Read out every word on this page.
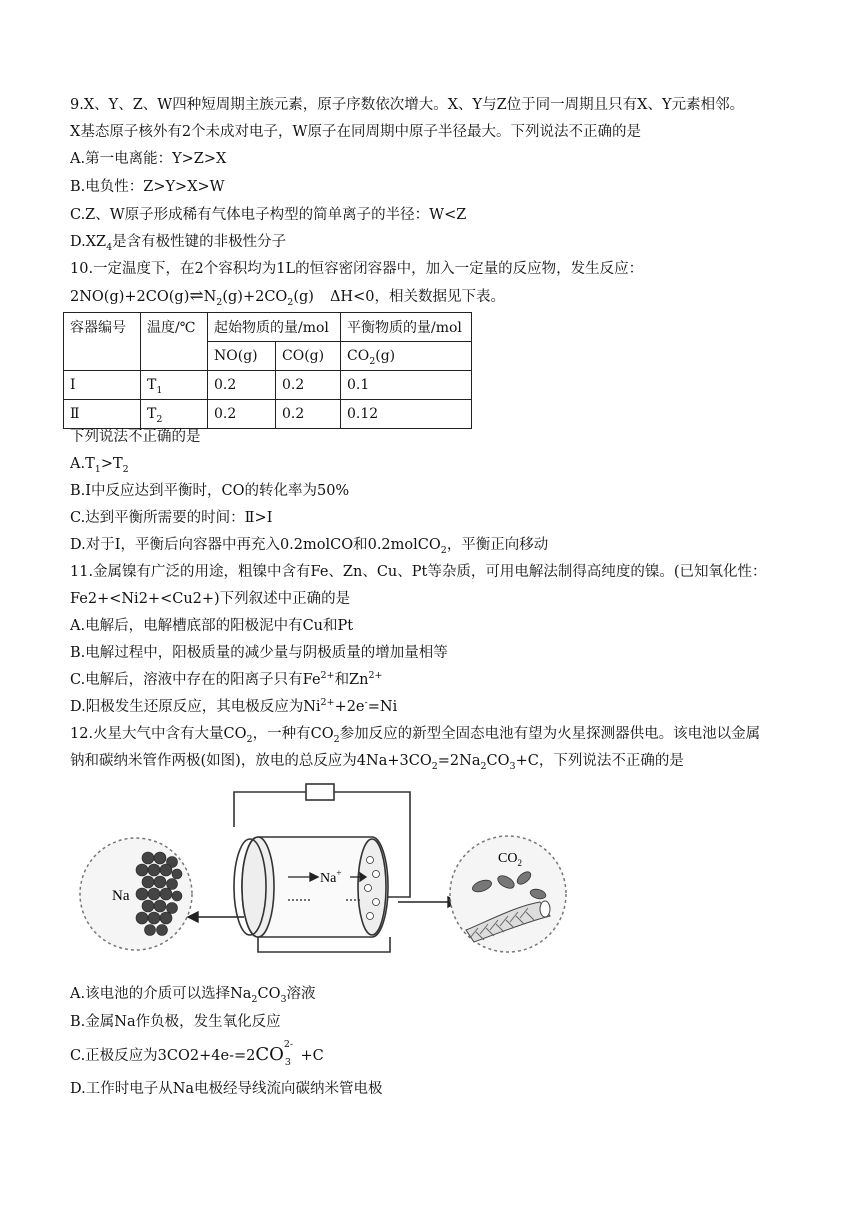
9.X、Y、Z、W四种短周期主族元素，原子序数依次增大。X、Y与Z位于同一周期且只有X、Y元素相邻。
X基态原子核外有2个未成对电子，W原子在同周期中原子半径最大。下列说法不正确的是
A.第一电离能：Y>Z>X
B.电负性：Z>Y>X>W
C.Z、W原子形成稀有气体电子构型的简单离子的半径：W<Z
$D.XZ_4$是含有极性键的非极性分子
10.一定温度下，在2个容积均为1L的恒容密闭容器中，加入一定量的反应物，发生反应：
$2NO(g)+2CO(g)\rightleftharpoons N_2(g)+2CO_2(g)$ ΔH<0，相关数据见下表。
容器编号	温度/℃	起始物质的量/mol		平衡物质的量/mol
		NO(g)	CO(g)	$CO_2(g)$
Ⅰ	$T_1$	0.2	0.2	0.1
Ⅱ	$T_2$	0.2	0.2	0.12
下列说法不正确的是
$A.T_1>T_2$
B.Ⅰ中反应达到平衡时，CO的转化率为50%
C.达到平衡所需要的时间：Ⅱ>Ⅰ
D.对于Ⅰ，平衡后向容器中再充入0.2molCO和0.2molCO$_2$，平衡正向移动
11.金属镍有广泛的用途，粗镍中含有Fe、Zn、Cu、Pt等杂质，可用电解法制得高纯度的镍。(已知氧化性：
Fe2+<Ni2+<Cu2+)下列叙述中正确的是
A.电解后，电解槽底部的阳极泥中有Cu和Pt
B.电解过程中，阳极质量的减少量与阴极质量的增加量相等
C.电解后，溶液中存在的阳离子只有$Fe^{2+}$和$Zn^{2+}$
D.阳极发生还原反应，其电极反应为$Ni^{2+}+2e^-=Ni$
12.火星大气中含有大量$CO_2$，一种有$CO_2$参加反应的新型全固态电池有望为火星探测器供电。该电池以金属
钠和碳纳米管作两极(如图)，放电的总反应为$4Na+3CO_2=2Na_2CO_3+C$，下列说法不正确的是
Na
Na+
$CO_2$
A.该电池的介质可以选择$Na_2CO_3$溶液
B.金属Na作负极，发生氧化反应
C.正极反应为3CO2+4e-=2CO 2-
3 +C
D.工作时电子从Na电极经导线流向碳纳米管电极
